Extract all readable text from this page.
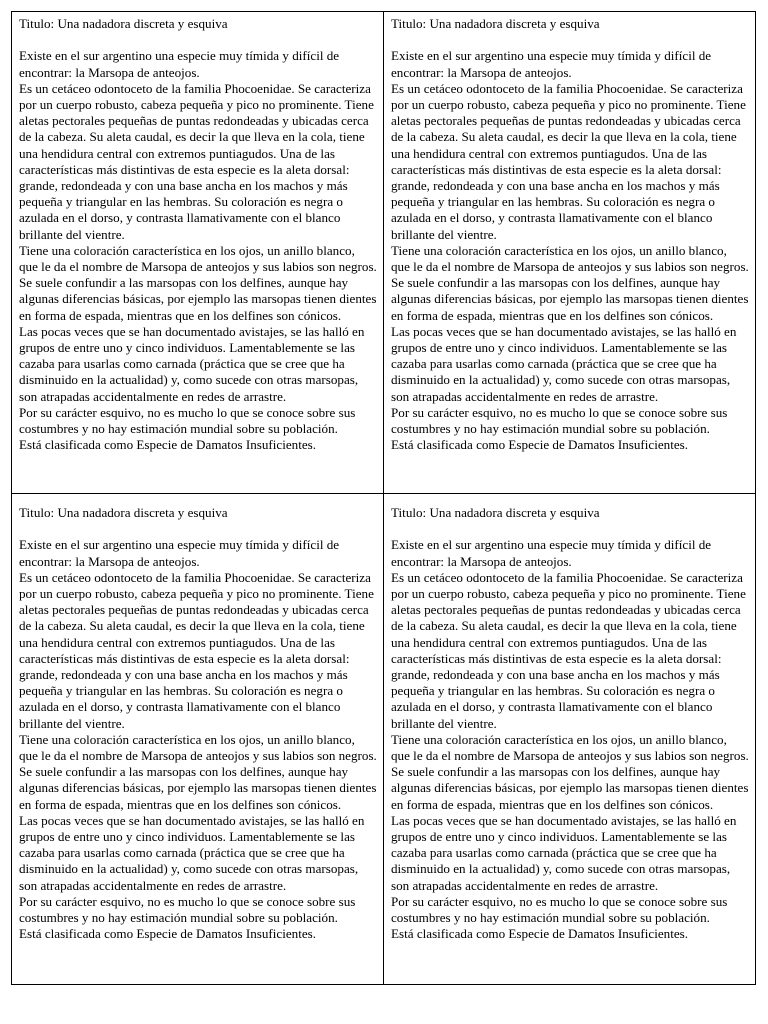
Titulo: Una nadadora discreta y esquiva

Existe en el sur argentino una especie muy tímida y difícil de encontrar: la Marsopa de anteojos.

Es un cetáceo odontoceto de la familia Phocoenidae. Se caracteriza por un cuerpo robusto, cabeza pequeña y pico no prominente. Tiene aletas pectorales pequeñas de puntas redondeadas y ubicadas cerca de la cabeza. Su aleta caudal, es decir la que lleva en la cola, tiene una hendidura central con extremos puntiagudos. Una de las características más distintivas de esta especie es la aleta dorsal: grande, redondeada y con una base ancha en los machos y más pequeña y triangular en las hembras. Su coloración es negra o azulada en el dorso, y contrasta llamativamente con el blanco brillante del vientre.

Tiene una coloración característica en los ojos, un anillo blanco, que le da el nombre de Marsopa de anteojos y sus labios son negros.

Se suele confundir a las marsopas con los delfines, aunque hay algunas diferencias básicas, por ejemplo las marsopas tienen dientes en forma de espada, mientras que en los delfines son cónicos.

Las pocas veces que se han documentado avistajes, se las halló en grupos de entre uno y cinco individuos. Lamentablemente se las cazaba para usarlas como carnada (práctica que se cree que ha disminuido en la actualidad) y, como sucede con otras marsopas, son atrapadas accidentalmente en redes de arrastre.

Por su carácter esquivo, no es mucho lo que se conoce sobre sus costumbres y no hay estimación mundial sobre su población.

Está clasificada como Especie de Damatos Insuficientes.

Titulo: Una nadadora discreta y esquiva

Existe en el sur argentino una especie muy tímida y difícil de encontrar: la Marsopa de anteojos.

Es un cetáceo odontoceto de la familia Phocoenidae. Se caracteriza por un cuerpo robusto, cabeza pequeña y pico no prominente. Tiene aletas pectorales pequeñas de puntas redondeadas y ubicadas cerca de la cabeza. Su aleta caudal, es decir la que lleva en la cola, tiene una hendidura central con extremos puntiagudos. Una de las características más distintivas de esta especie es la aleta dorsal: grande, redondeada y con una base ancha en los machos y más pequeña y triangular en las hembras. Su coloración es negra o azulada en el dorso, y contrasta llamativamente con el blanco brillante del vientre.

Tiene una coloración característica en los ojos, un anillo blanco, que le da el nombre de Marsopa de anteojos y sus labios son negros.

Se suele confundir a las marsopas con los delfines, aunque hay algunas diferencias básicas, por ejemplo las marsopas tienen dientes en forma de espada, mientras que en los delfines son cónicos.

Las pocas veces que se han documentado avistajes, se las halló en grupos de entre uno y cinco individuos. Lamentablemente se las cazaba para usarlas como carnada (práctica que se cree que ha disminuido en la actualidad) y, como sucede con otras marsopas, son atrapadas accidentalmente en redes de arrastre.

Por su carácter esquivo, no es mucho lo que se conoce sobre sus costumbres y no hay estimación mundial sobre su población.

Está clasificada como Especie de Damatos Insuficientes.

Titulo: Una nadadora discreta y esquiva

Existe en el sur argentino una especie muy tímida y difícil de encontrar: la Marsopa de anteojos.

Es un cetáceo odontoceto de la familia Phocoenidae. Se caracteriza por un cuerpo robusto, cabeza pequeña y pico no prominente. Tiene aletas pectorales pequeñas de puntas redondeadas y ubicadas cerca de la cabeza. Su aleta caudal, es decir la que lleva en la cola, tiene una hendidura central con extremos puntiagudos. Una de las características más distintivas de esta especie es la aleta dorsal: grande, redondeada y con una base ancha en los machos y más pequeña y triangular en las hembras. Su coloración es negra o azulada en el dorso, y contrasta llamativamente con el blanco brillante del vientre.

Tiene una coloración característica en los ojos, un anillo blanco, que le da el nombre de Marsopa de anteojos y sus labios son negros.

Se suele confundir a las marsopas con los delfines, aunque hay algunas diferencias básicas, por ejemplo las marsopas tienen dientes en forma de espada, mientras que en los delfines son cónicos.

Las pocas veces que se han documentado avistajes, se las halló en grupos de entre uno y cinco individuos. Lamentablemente se las cazaba para usarlas como carnada (práctica que se cree que ha disminuido en la actualidad) y, como sucede con otras marsopas, son atrapadas accidentalmente en redes de arrastre.

Por su carácter esquivo, no es mucho lo que se conoce sobre sus costumbres y no hay estimación mundial sobre su población.

Está clasificada como Especie de Damatos Insuficientes.

Titulo: Una nadadora discreta y esquiva

Existe en el sur argentino una especie muy tímida y difícil de encontrar: la Marsopa de anteojos.

Es un cetáceo odontoceto de la familia Phocoenidae. Se caracteriza por un cuerpo robusto, cabeza pequeña y pico no prominente. Tiene aletas pectorales pequeñas de puntas redondeadas y ubicadas cerca de la cabeza. Su aleta caudal, es decir la que lleva en la cola, tiene una hendidura central con extremos puntiagudos. Una de las características más distintivas de esta especie es la aleta dorsal: grande, redondeada y con una base ancha en los machos y más pequeña y triangular en las hembras. Su coloración es negra o azulada en el dorso, y contrasta llamativamente con el blanco brillante del vientre.

Tiene una coloración característica en los ojos, un anillo blanco, que le da el nombre de Marsopa de anteojos y sus labios son negros.

Se suele confundir a las marsopas con los delfines, aunque hay algunas diferencias básicas, por ejemplo las marsopas tienen dientes en forma de espada, mientras que en los delfines son cónicos.

Las pocas veces que se han documentado avistajes, se las halló en grupos de entre uno y cinco individuos. Lamentablemente se las cazaba para usarlas como carnada (práctica que se cree que ha disminuido en la actualidad) y, como sucede con otras marsopas, son atrapadas accidentalmente en redes de arrastre.

Por su carácter esquivo, no es mucho lo que se conoce sobre sus costumbres y no hay estimación mundial sobre su población.

Está clasificada como Especie de Damatos Insuficientes.
